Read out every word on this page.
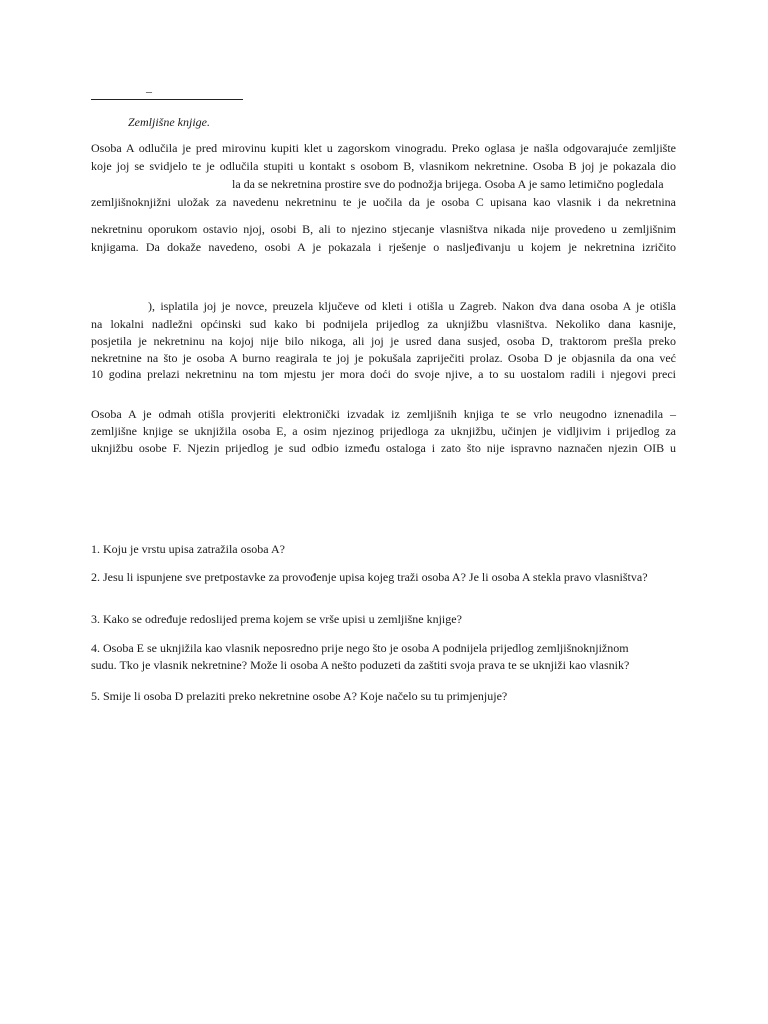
–
Zemljišne knjige.
Osoba A odlučila je pred mirovinu kupiti klet u zagorskom vinogradu. Preko oglasa je našla odgovarajuće zemljište
koje joj se svidjelo te je odlučila stupiti u kontakt s osobom B, vlasnikom nekretnine. Osoba B joj je pokazala dio
la da se nekretnina prostire sve do podnožja brijega. Osoba A je samo letimično pogledala
zemljišnoknjižni uložak za navedenu nekretninu te je uočila da je osoba C upisana kao vlasnik i da nekretnina
nekretninu oporukom ostavio njoj, osobi B, ali to njezino stjecanje vlasništva nikada nije provedeno u zemljišnim
knjigama. Da dokaže navedeno, osobi A je pokazala i rješenje o nasljeđivanju u kojem je nekretnina izričito
), isplatila joj je novce, preuzela ključeve od kleti i otišla u Zagreb. Nakon dva dana osoba A je otišla
na lokalni nadležni općinski sud kako bi podnijela prijedlog za uknjižbu vlasništva. Nekoliko dana kasnije,
posjetila je nekretninu na kojoj nije bilo nikoga, ali joj je usred dana susjed, osoba D, traktorom prešla preko
nekretnine na što je osoba A burno reagirala te joj je pokušala zapriječiti prolaz. Osoba D je objasnila da ona već
10 godina prelazi nekretninu na tom mjestu jer mora doći do svoje njive, a to su uostalom radili i njegovi preci
Osoba A je odmah otišla provjeriti elektronički izvadak iz zemljišnih knjiga te se vrlo neugodno iznenadila –
zemljišne knjige se uknjižila osoba E, a osim njezinog prijedloga za uknjižbu, učinjen je vidljivim i prijedlog za
uknjižbu osobe F. Njezin prijedlog je sud odbio između ostaloga i zato što nije ispravno naznačen njezin OIB u
1. Koju je vrstu upisa zatražila osoba A?
2. Jesu li ispunjene sve pretpostavke za provođenje upisa kojeg traži osoba A? Je li osoba A stekla pravo vlasništva?
3. Kako se određuje redoslijed prema kojem se vrše upisi u zemljišne knjige?
4. Osoba E se uknjižila kao vlasnik neposredno prije nego što je osoba A podnijela prijedlog zemljišnoknjižnom
sudu. Tko je vlasnik nekretnine? Može li osoba A nešto poduzeti da zaštiti svoja prava te se uknjiži kao vlasnik?
5. Smije li osoba D prelaziti preko nekretnine osobe A? Koje načelo su tu primjenjuje?
